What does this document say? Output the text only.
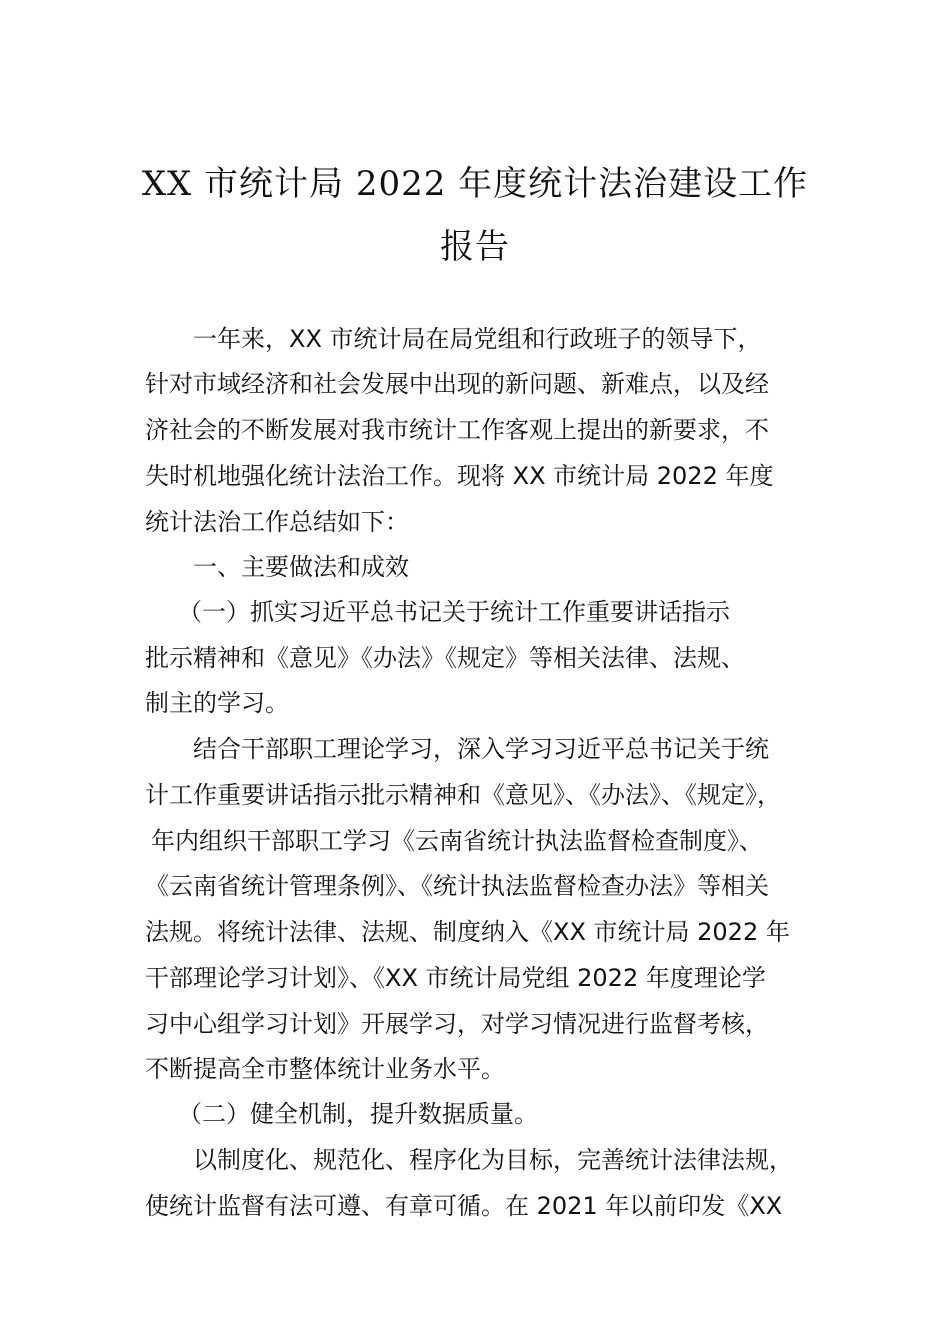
XX 市统计局 2022 年度统计法治建设工作
报告
一年来，XX 市统计局在局党组和行政班子的领导下，
针对市域经济和社会发展中出现的新问题、新难点，以及经
济社会的不断发展对我市统计工作客观上提出的新要求，不
失时机地强化统计法治工作。现将 XX 市统计局 2022 年度
统计法治工作总结如下：
一、主要做法和成效
（一）抓实习近平总书记关于统计工作重要讲话指示
批示精神和《意见》《办法》《规定》等相关法律、法规、
制主的学习。
结合干部职工理论学习，深入学习习近平总书记关于统
计工作重要讲话指示批示精神和《意见》、《办法》、《规定》，
年内组织干部职工学习《云南省统计执法监督检查制度》、
《云南省统计管理条例》、《统计执法监督检查办法》等相关
法规。将统计法律、法规、制度纳入《XX 市统计局 2022 年
干部理论学习计划》、《XX 市统计局党组 2022 年度理论学
习中心组学习计划》开展学习，对学习情况进行监督考核，
不断提高全市整体统计业务水平。
（二）健全机制，提升数据质量。
以制度化、规范化、程序化为目标，完善统计法律法规，
使统计监督有法可遵、有章可循。在 2021 年以前印发《XX
